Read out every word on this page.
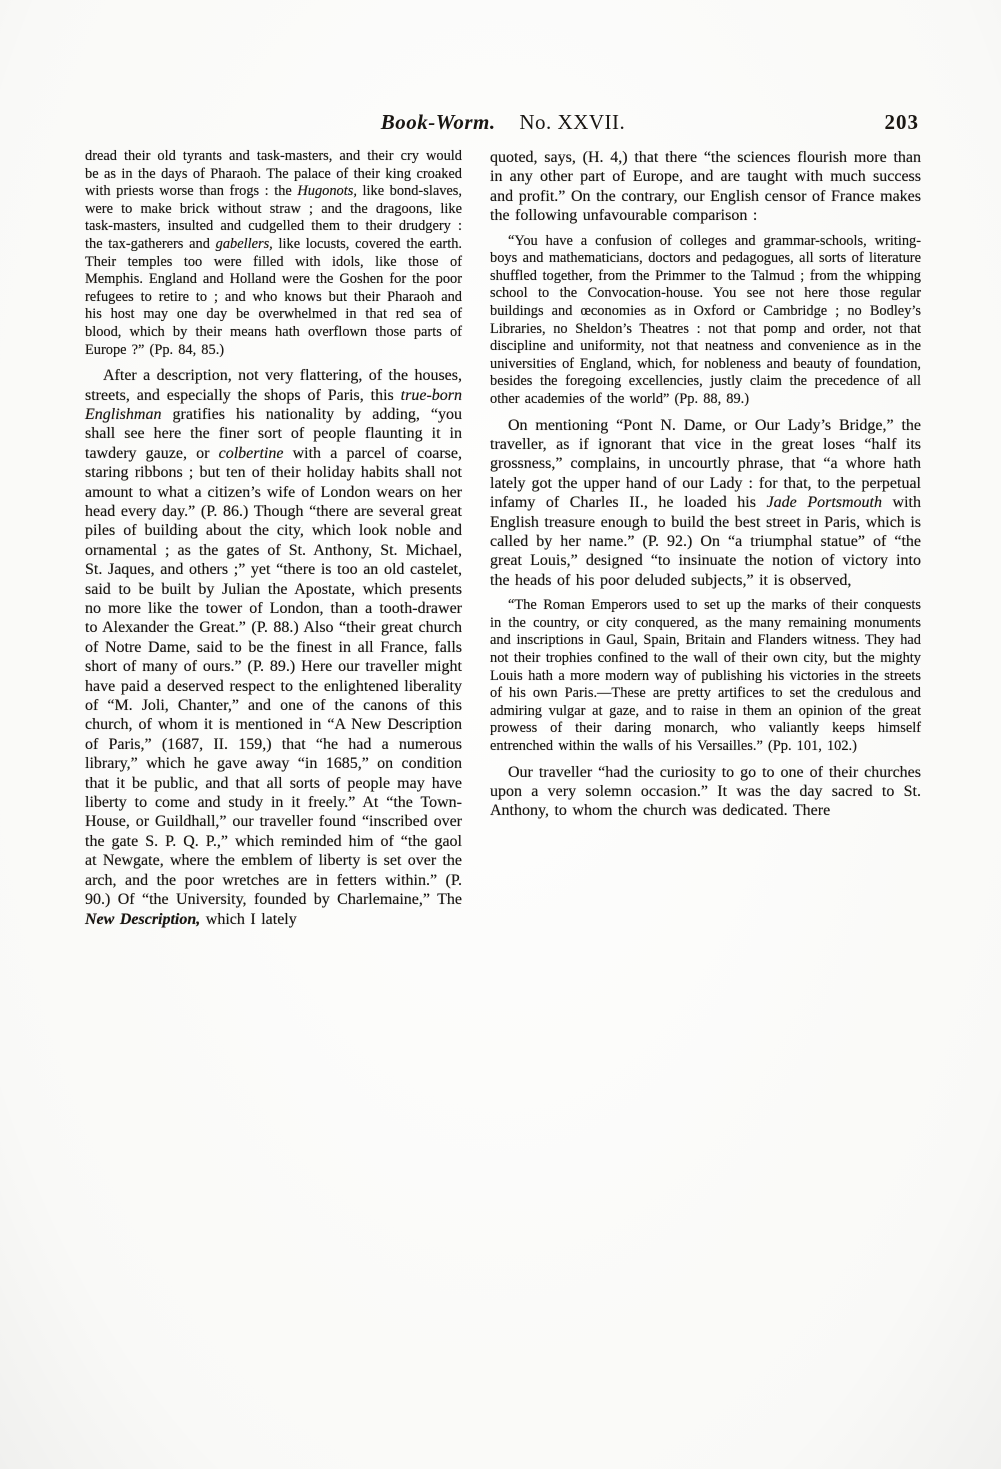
Book-Worm. No. XXVII.	203

dread their old tyrants and task-masters, and their cry would be as in the days of Pharaoh. The palace of their king croaked with priests worse than frogs : the Hugonots, like bond-slaves, were to make brick without straw ; and the dragoons, like task-masters, insulted and cudgelled them to their drudgery : the tax-gatherers and gabellers, like locusts, covered the earth. Their temples too were filled with idols, like those of Memphis. England and Holland were the Goshen for the poor refugees to retire to ; and who knows but their Pharaoh and his host may one day be overwhelmed in that red sea of blood, which by their means hath overflown those parts of Europe ?” (Pp. 84, 85.)

After a description, not very flattering, of the houses, streets, and especially the shops of Paris, this true-born Englishman gratifies his nationality by adding, “you shall see here the finer sort of people flaunting it in tawdery gauze, or colbertine with a parcel of coarse, staring ribbons ; but ten of their holiday habits shall not amount to what a citizen’s wife of London wears on her head every day.” (P. 86.) Though “there are several great piles of building about the city, which look noble and ornamental ; as the gates of St. Anthony, St. Michael, St. Jaques, and others ;” yet “there is too an old castelet, said to be built by Julian the Apostate, which presents no more like the tower of London, than a tooth-drawer to Alexander the Great.” (P. 88.) Also “their great church of Notre Dame, said to be the finest in all France, falls short of many of ours.” (P. 89.) Here our traveller might have paid a deserved respect to the enlightened liberality of “M. Joli, Chanter,” and one of the canons of this church, of whom it is mentioned in “A New Description of Paris,” (1687, II. 159,) that “he had a numerous library,” which he gave away “in 1685,” on condition that it be public, and that all sorts of people may have liberty to come and study in it freely.” At “the Town-House, or Guildhall,” our traveller found “inscribed over the gate S. P. Q. P.,” which reminded him of “the gaol at Newgate, where the emblem of liberty is set over the arch, and the poor wretches are in fetters within.” (P. 90.) Of “the University, founded by Charlemaine,” The New Description, which I lately

quoted, says, (H. 4,) that there “the sciences flourish more than in any other part of Europe, and are taught with much success and profit.” On the contrary, our English censor of France makes the following unfavourable comparison :

“You have a confusion of colleges and grammar-schools, writing-boys and mathematicians, doctors and pedagogues, all sorts of literature shuffled together, from the Primmer to the Talmud ; from the whipping school to the Convocation-house. You see not here those regular buildings and œconomies as in Oxford or Cambridge ; no Bodley’s Libraries, no Sheldon’s Theatres : not that pomp and order, not that discipline and uniformity, not that neatness and convenience as in the universities of England, which, for nobleness and beauty of foundation, besides the foregoing excellencies, justly claim the precedence of all other academies of the world” (Pp. 88, 89.)

On mentioning “Pont N. Dame, or Our Lady’s Bridge,” the traveller, as if ignorant that vice in the great loses “half its grossness,” complains, in uncourtly phrase, that “a whore hath lately got the upper hand of our Lady : for that, to the perpetual infamy of Charles II., he loaded his Jade Portsmouth with English treasure enough to build the best street in Paris, which is called by her name.” (P. 92.) On “a triumphal statue” of “the great Louis,” designed “to insinuate the notion of victory into the heads of his poor deluded subjects,” it is observed,

“The Roman Emperors used to set up the marks of their conquests in the country, or city conquered, as the many remaining monuments and inscriptions in Gaul, Spain, Britain and Flanders witness. They had not their trophies confined to the wall of their own city, but the mighty Louis hath a more modern way of publishing his victories in the streets of his own Paris.—These are pretty artifices to set the credulous and admiring vulgar at gaze, and to raise in them an opinion of the great prowess of their daring monarch, who valiantly keeps himself entrenched within the walls of his Versailles.” (Pp. 101, 102.)

Our traveller “had the curiosity to go to one of their churches upon a very solemn occasion.” It was the day sacred to St. Anthony, to whom the church was dedicated. There
